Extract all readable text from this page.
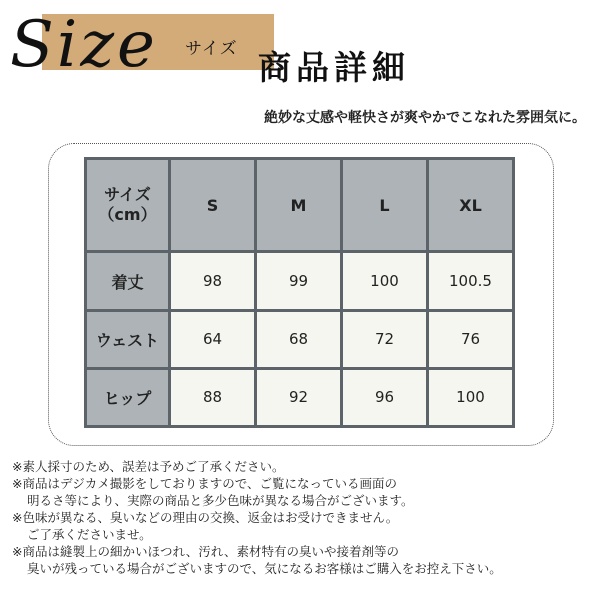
Size サイズ 商品詳細
絶妙な丈感や軽快さが爽やかでこなれた雰囲気に。
サイズ
（cm）	S	M	L	XL
着丈	98	99	100	100.5
ウェスト	64	68	72	76
ヒップ	88	92	96	100

※素人採寸のため、誤差は予めご了承ください。

※商品はデジカメ撮影をしておりますので、ご覧になっている画面の

明るさ等により、実際の商品と多少色味が異なる場合がございます。

※色味が異なる、臭いなどの理由の交換、返金はお受けできません。

ご了承くださいませ。

※商品は縫製上の細かいほつれ、汚れ、素材特有の臭いや接着剤等の

臭いが残っている場合がございますので、気になるお客様はご購入をお控え下さい。
